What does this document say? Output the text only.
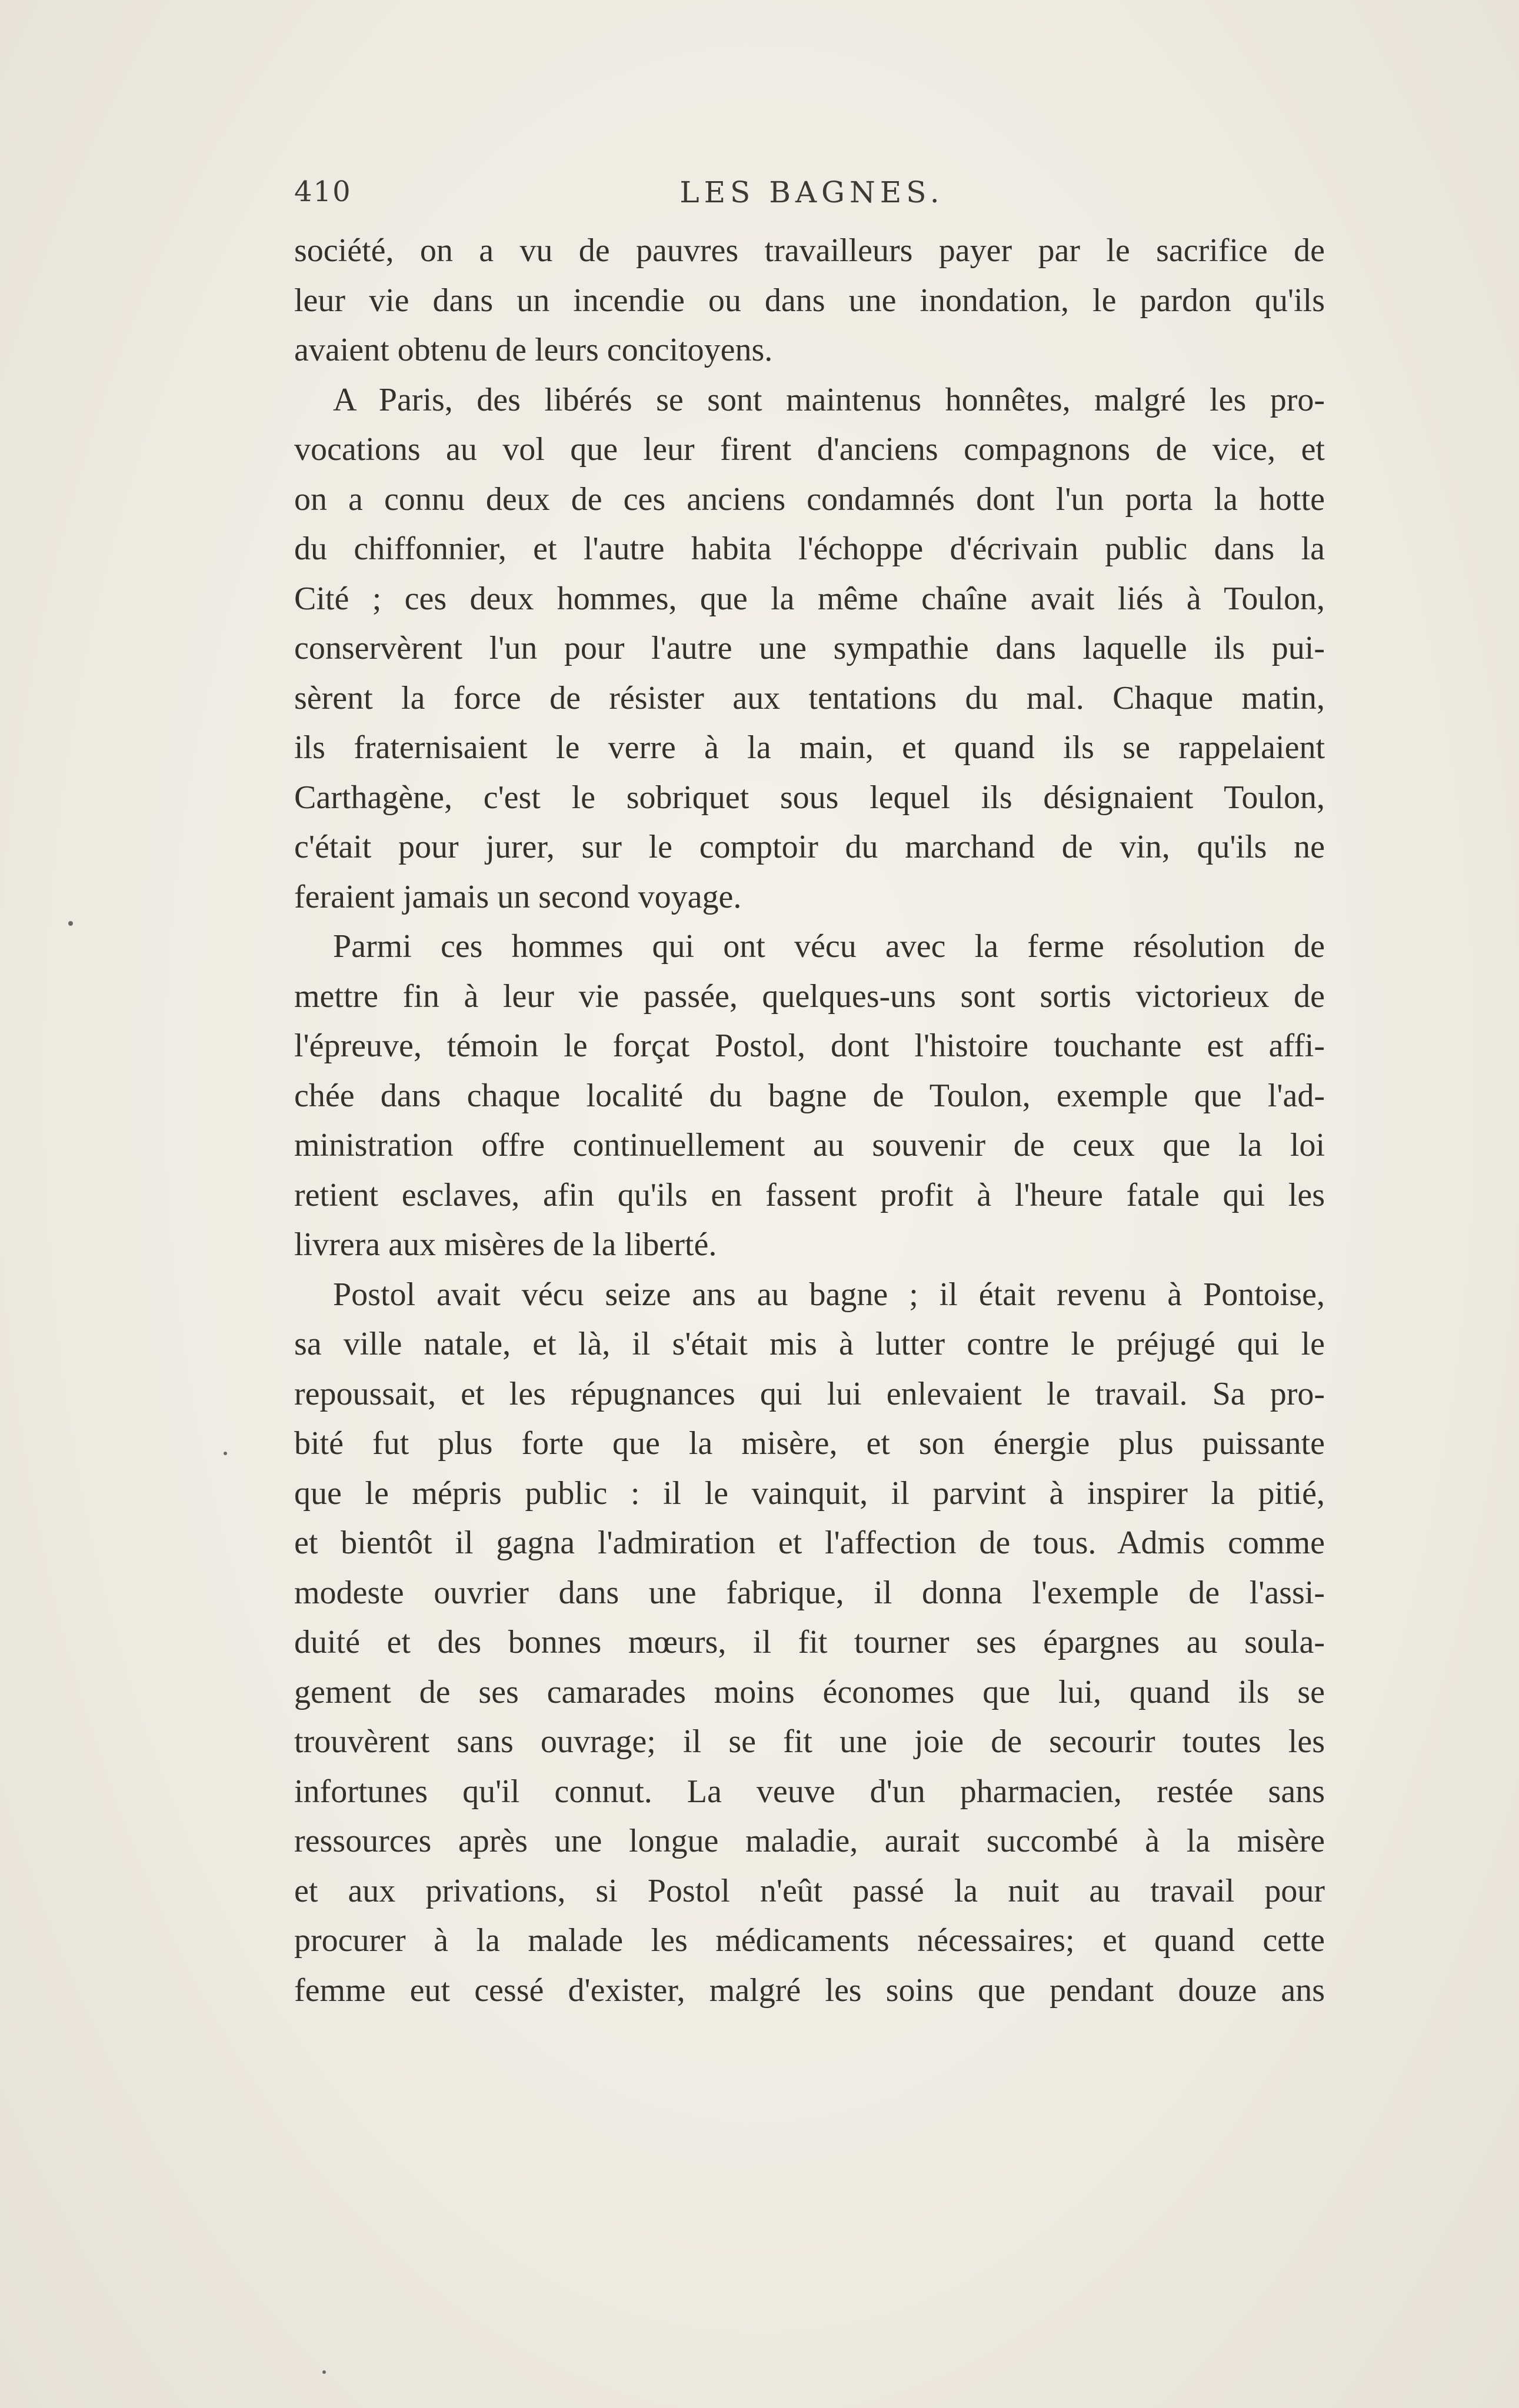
410	LES BAGNES.
société, on a vu de pauvres travailleurs payer par le sacrifice de
leur vie dans un incendie ou dans une inondation, le pardon qu'ils
avaient obtenu de leurs concitoyens.
A Paris, des libérés se sont maintenus honnêtes, malgré les pro-
vocations au vol que leur firent d'anciens compagnons de vice, et
on a connu deux de ces anciens condamnés dont l'un porta la hotte
du chiffonnier, et l'autre habita l'échoppe d'écrivain public dans la
Cité ; ces deux hommes, que la même chaîne avait liés à Toulon,
conservèrent l'un pour l'autre une sympathie dans laquelle ils pui-
sèrent la force de résister aux tentations du mal. Chaque matin,
ils fraternisaient le verre à la main, et quand ils se rappelaient
Carthagène, c'est le sobriquet sous lequel ils désignaient Toulon,
c'était pour jurer, sur le comptoir du marchand de vin, qu'ils ne
feraient jamais un second voyage.
Parmi ces hommes qui ont vécu avec la ferme résolution de
mettre fin à leur vie passée, quelques-uns sont sortis victorieux de
l'épreuve, témoin le forçat Postol, dont l'histoire touchante est affi-
chée dans chaque localité du bagne de Toulon, exemple que l'ad-
ministration offre continuellement au souvenir de ceux que la loi
retient esclaves, afin qu'ils en fassent profit à l'heure fatale qui les
livrera aux misères de la liberté.
Postol avait vécu seize ans au bagne ; il était revenu à Pontoise,
sa ville natale, et là, il s'était mis à lutter contre le préjugé qui le
repoussait, et les répugnances qui lui enlevaient le travail. Sa pro-
bité fut plus forte que la misère, et son énergie plus puissante
que le mépris public : il le vainquit, il parvint à inspirer la pitié,
et bientôt il gagna l'admiration et l'affection de tous. Admis comme
modeste ouvrier dans une fabrique, il donna l'exemple de l'assi-
duité et des bonnes mœurs, il fit tourner ses épargnes au soula-
gement de ses camarades moins économes que lui, quand ils se
trouvèrent sans ouvrage; il se fit une joie de secourir toutes les
infortunes qu'il connut. La veuve d'un pharmacien, restée sans
ressources après une longue maladie, aurait succombé à la misère
et aux privations, si Postol n'eût passé la nuit au travail pour
procurer à la malade les médicaments nécessaires; et quand cette
femme eut cessé d'exister, malgré les soins que pendant douze ans
